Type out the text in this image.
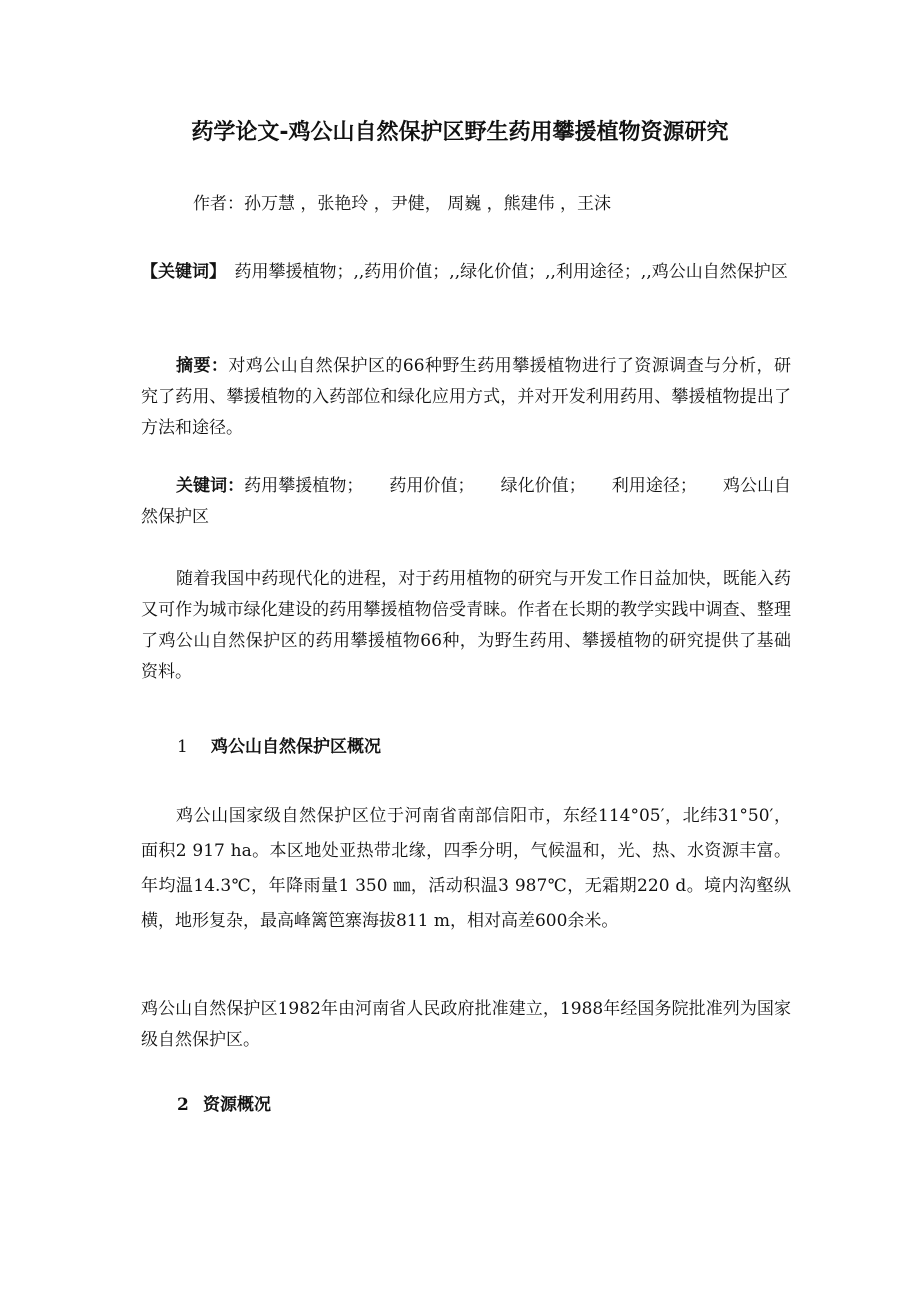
药学论文-鸡公山自然保护区野生药用攀援植物资源研究
作者：孙万慧 ，张艳玲 ，尹健， 周巍 ，熊建伟 ，王沫

【关键词】　药用攀援植物；,,药用价值；,,绿化价值；,,利用途径；,,鸡公山自然保护区

摘要：对鸡公山自然保护区的66种野生药用攀援植物进行了资源调查与分析，研究了药用、攀援植物的入药部位和绿化应用方式，并对开发利用药用、攀援植物提出了方法和途径。

关键词：药用攀援植物； 药用价值； 绿化价值； 利用途径； 鸡公山自然保护区

随着我国中药现代化的进程，对于药用植物的研究与开发工作日益加快，既能入药又可作为城市绿化建设的药用攀援植物倍受青睐。作者在长期的教学实践中调查、整理了鸡公山自然保护区的药用攀援植物66种，为野生药用、攀援植物的研究提供了基础资料。

1 鸡公山自然保护区概况

鸡公山国家级自然保护区位于河南省南部信阳市，东经114°05′，北纬31°50′，面积2 917 ha。本区地处亚热带北缘，四季分明，气候温和，光、热、水资源丰富。年均温14.3℃，年降雨量1 350 ㎜，活动积温3 987℃，无霜期220 d。境内沟壑纵横，地形复杂，最高峰篱笆寨海拔811 m，相对高差600余米。

鸡公山自然保护区1982年由河南省人民政府批准建立，1988年经国务院批准列为国家级自然保护区。

2 资源概况
